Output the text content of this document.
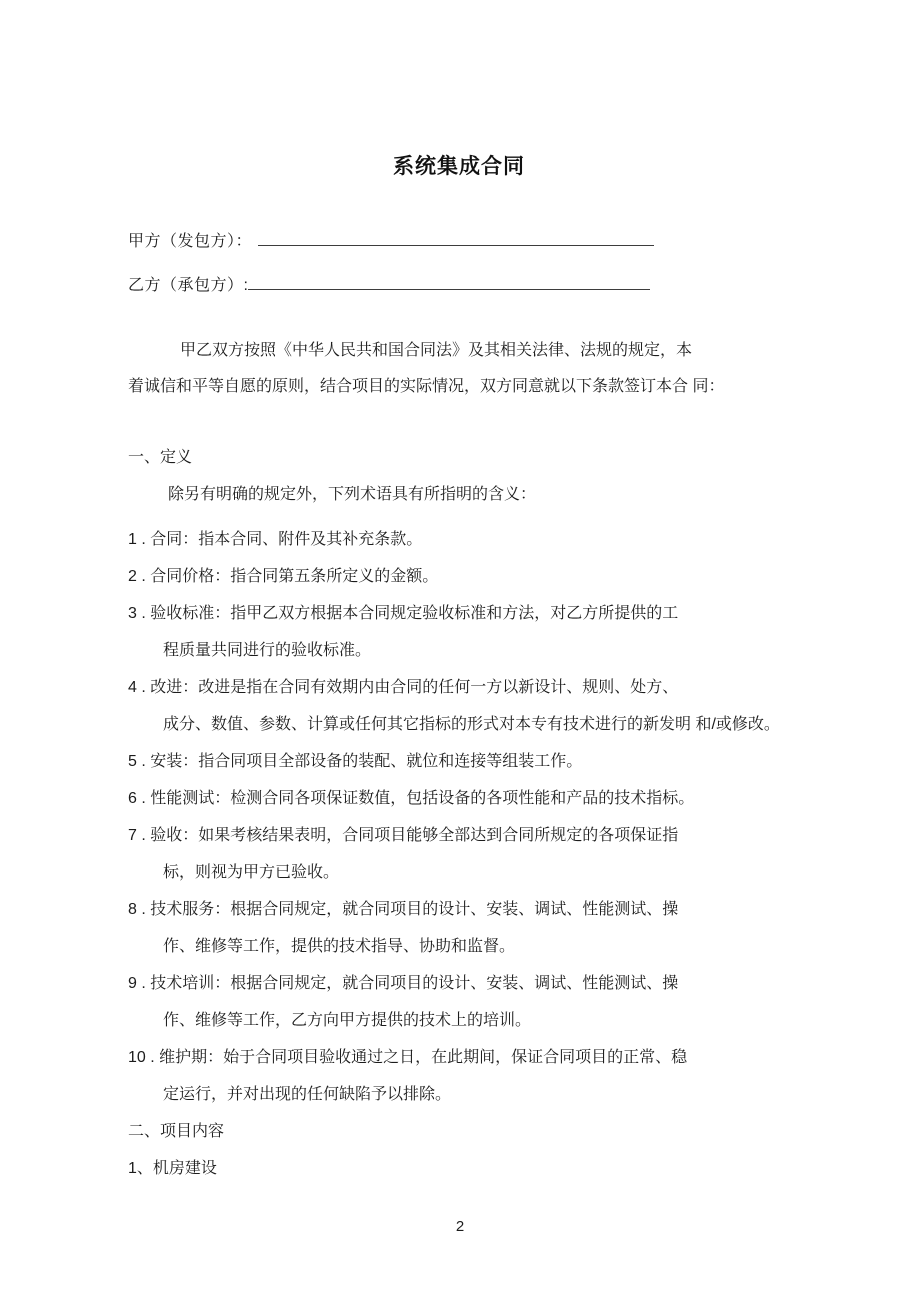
系统集成合同
甲方（发包方）：
乙方（承包方）:
甲乙双方按照《中华人民共和国合同法》及其相关法律、法规的规定，本
着诚信和平等自愿的原则，结合项目的实际情况，双方同意就以下条款签订本合 同：
一、定义
除另有明确的规定外，下列术语具有所指明的含义：
1 . 合同：指本合同、附件及其补充条款。
2 . 合同价格：指合同第五条所定义的金额。
3 . 验收标准：指甲乙双方根据本合同规定验收标准和方法，对乙方所提供的工
程质量共同进行的验收标准。
4 . 改进：改进是指在合同有效期内由合同的任何一方以新设计、规则、处方、
成分、数值、参数、计算或任何其它指标的形式对本专有技术进行的新发明 和/或修改。
5 . 安装：指合同项目全部设备的装配、就位和连接等组装工作。
6 . 性能测试：检测合同各项保证数值，包括设备的各项性能和产品的技术指标。
7 . 验收：如果考核结果表明，合同项目能够全部达到合同所规定的各项保证指
标，则视为甲方已验收。
8 . 技术服务：根据合同规定，就合同项目的设计、安装、调试、性能测试、操
作、维修等工作，提供的技术指导、协助和监督。
9 . 技术培训：根据合同规定，就合同项目的设计、安装、调试、性能测试、操
作、维修等工作，乙方向甲方提供的技术上的培训。
10 . 维护期：始于合同项目验收通过之日，在此期间，保证合同项目的正常、稳
定运行，并对出现的任何缺陷予以排除。
二、项目内容
1、机房建设
2
